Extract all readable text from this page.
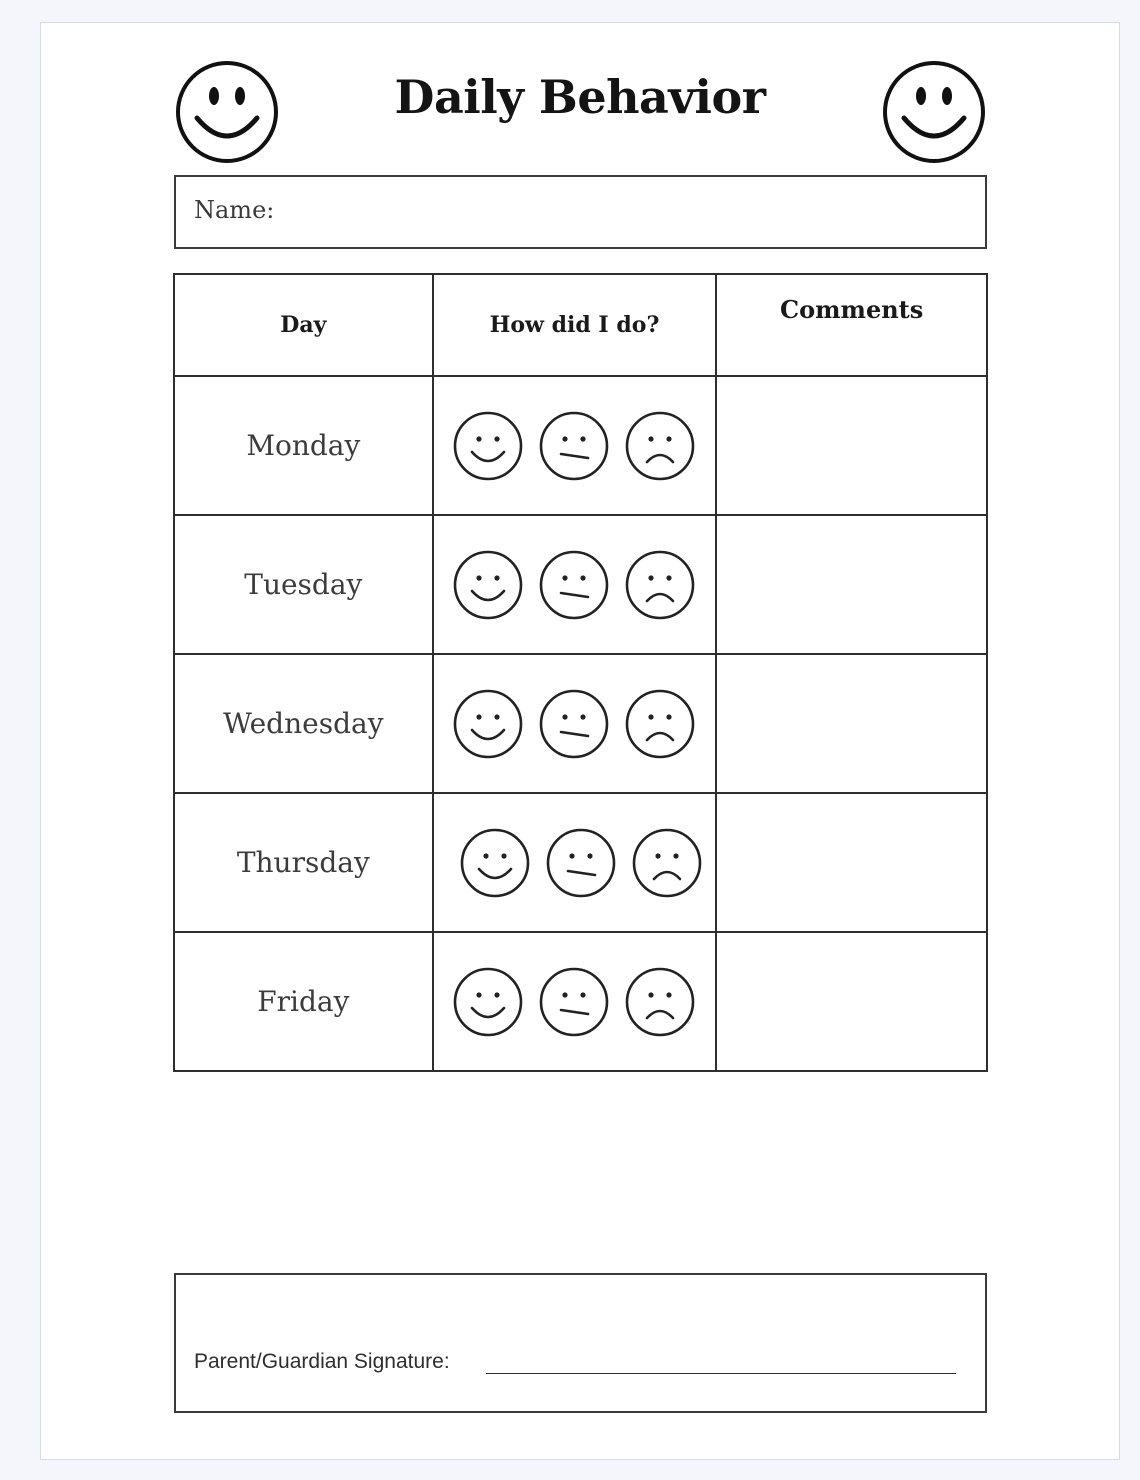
Daily Behavior
Name:
Day	How did I do?	Comments
Monday	

Tuesday	

Wednesday	

Thursday	

Friday	

Parent/Guardian Signature:
